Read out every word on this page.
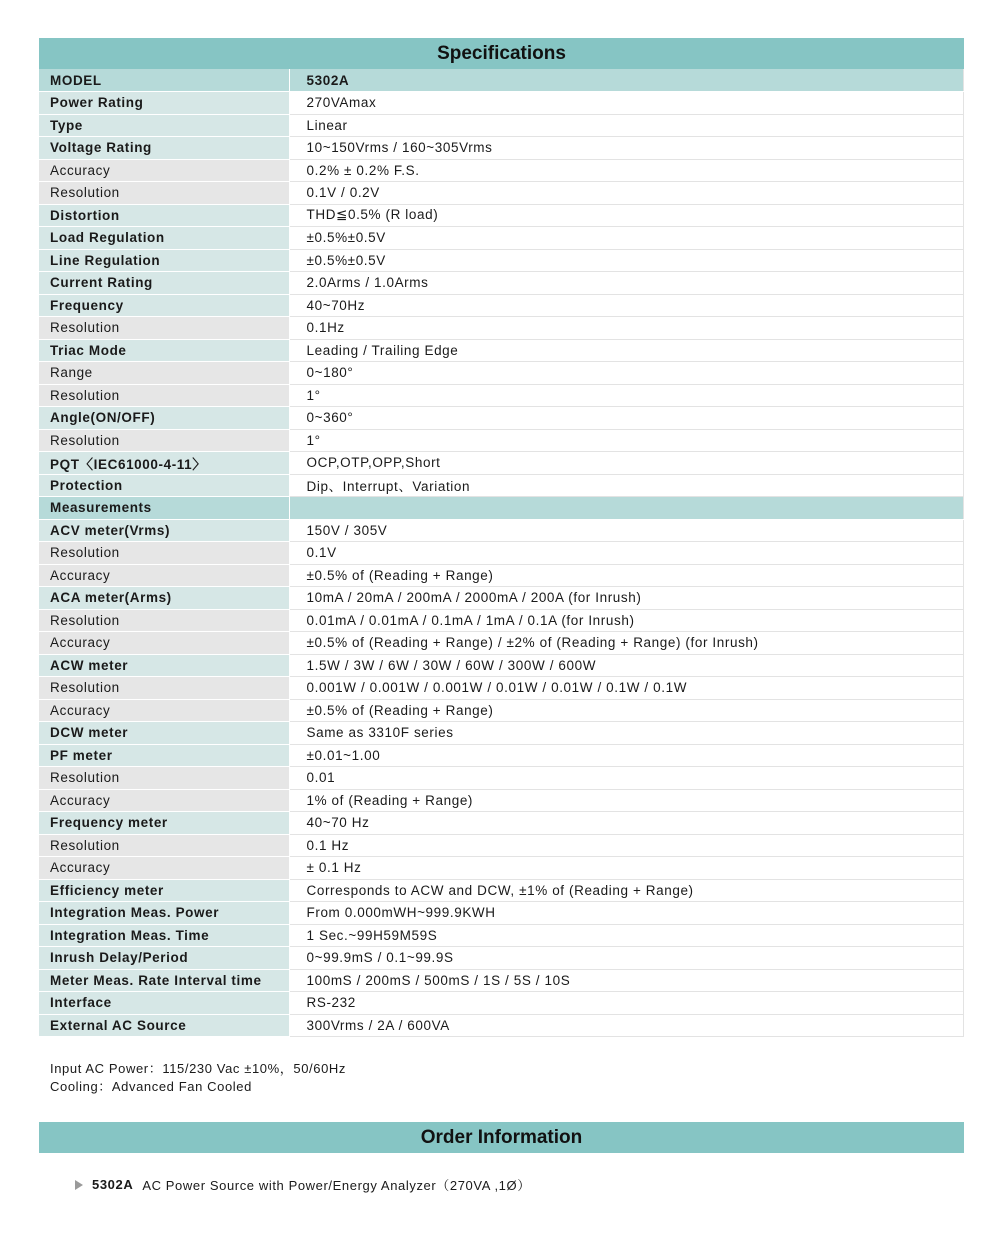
Specifications
MODEL	5302A
Power Rating	270VAmax
Type	Linear
Voltage Rating	10~150Vrms / 160~305Vrms
Accuracy	0.2% ± 0.2% F.S.
Resolution	0.1V / 0.2V
Distortion	THD≦0.5% (R load)
Load Regulation	±0.5%±0.5V
Line Regulation	±0.5%±0.5V
Current Rating	2.0Arms / 1.0Arms
Frequency	40~70Hz
Resolution	0.1Hz
Triac Mode	Leading / Trailing Edge
Range	0~180°
Resolution	1°
Angle(ON/OFF)	0~360°
Resolution	1°
PQT〈IEC61000-4-11〉	OCP,OTP,OPP,Short
Protection	Dip、Interrupt、Variation
Measurements	
ACV meter(Vrms)	150V / 305V
Resolution	0.1V
Accuracy	±0.5% of (Reading + Range)
ACA meter(Arms)	10mA / 20mA / 200mA / 2000mA / 200A (for Inrush)
Resolution	0.01mA / 0.01mA / 0.1mA / 1mA / 0.1A (for Inrush)
Accuracy	±0.5% of (Reading + Range) / ±2% of (Reading + Range) (for Inrush)
ACW meter	1.5W / 3W / 6W / 30W / 60W / 300W / 600W
Resolution	0.001W / 0.001W / 0.001W / 0.01W / 0.01W / 0.1W / 0.1W
Accuracy	±0.5% of (Reading + Range)
DCW meter	Same as 3310F series
PF meter	±0.01~1.00
Resolution	0.01
Accuracy	1% of (Reading + Range)
Frequency meter	40~70 Hz
Resolution	0.1 Hz
Accuracy	± 0.1 Hz
Efficiency meter	Corresponds to ACW and DCW, ±1% of (Reading + Range)
Integration Meas. Power	From 0.000mWH~999.9KWH
Integration Meas. Time	1 Sec.~99H59M59S
Inrush Delay/Period	0~99.9mS / 0.1~99.9S
Meter Meas. Rate Interval time	100mS / 200mS / 500mS / 1S / 5S / 10S
Interface	RS-232
External AC Source	300Vrms / 2A / 600VA
Input AC Power：115/230 Vac ±10%，50/60Hz
Cooling：Advanced Fan Cooled
Order Information
5302A AC Power Source with Power/Energy Analyzer（270VA ,1Ø）
